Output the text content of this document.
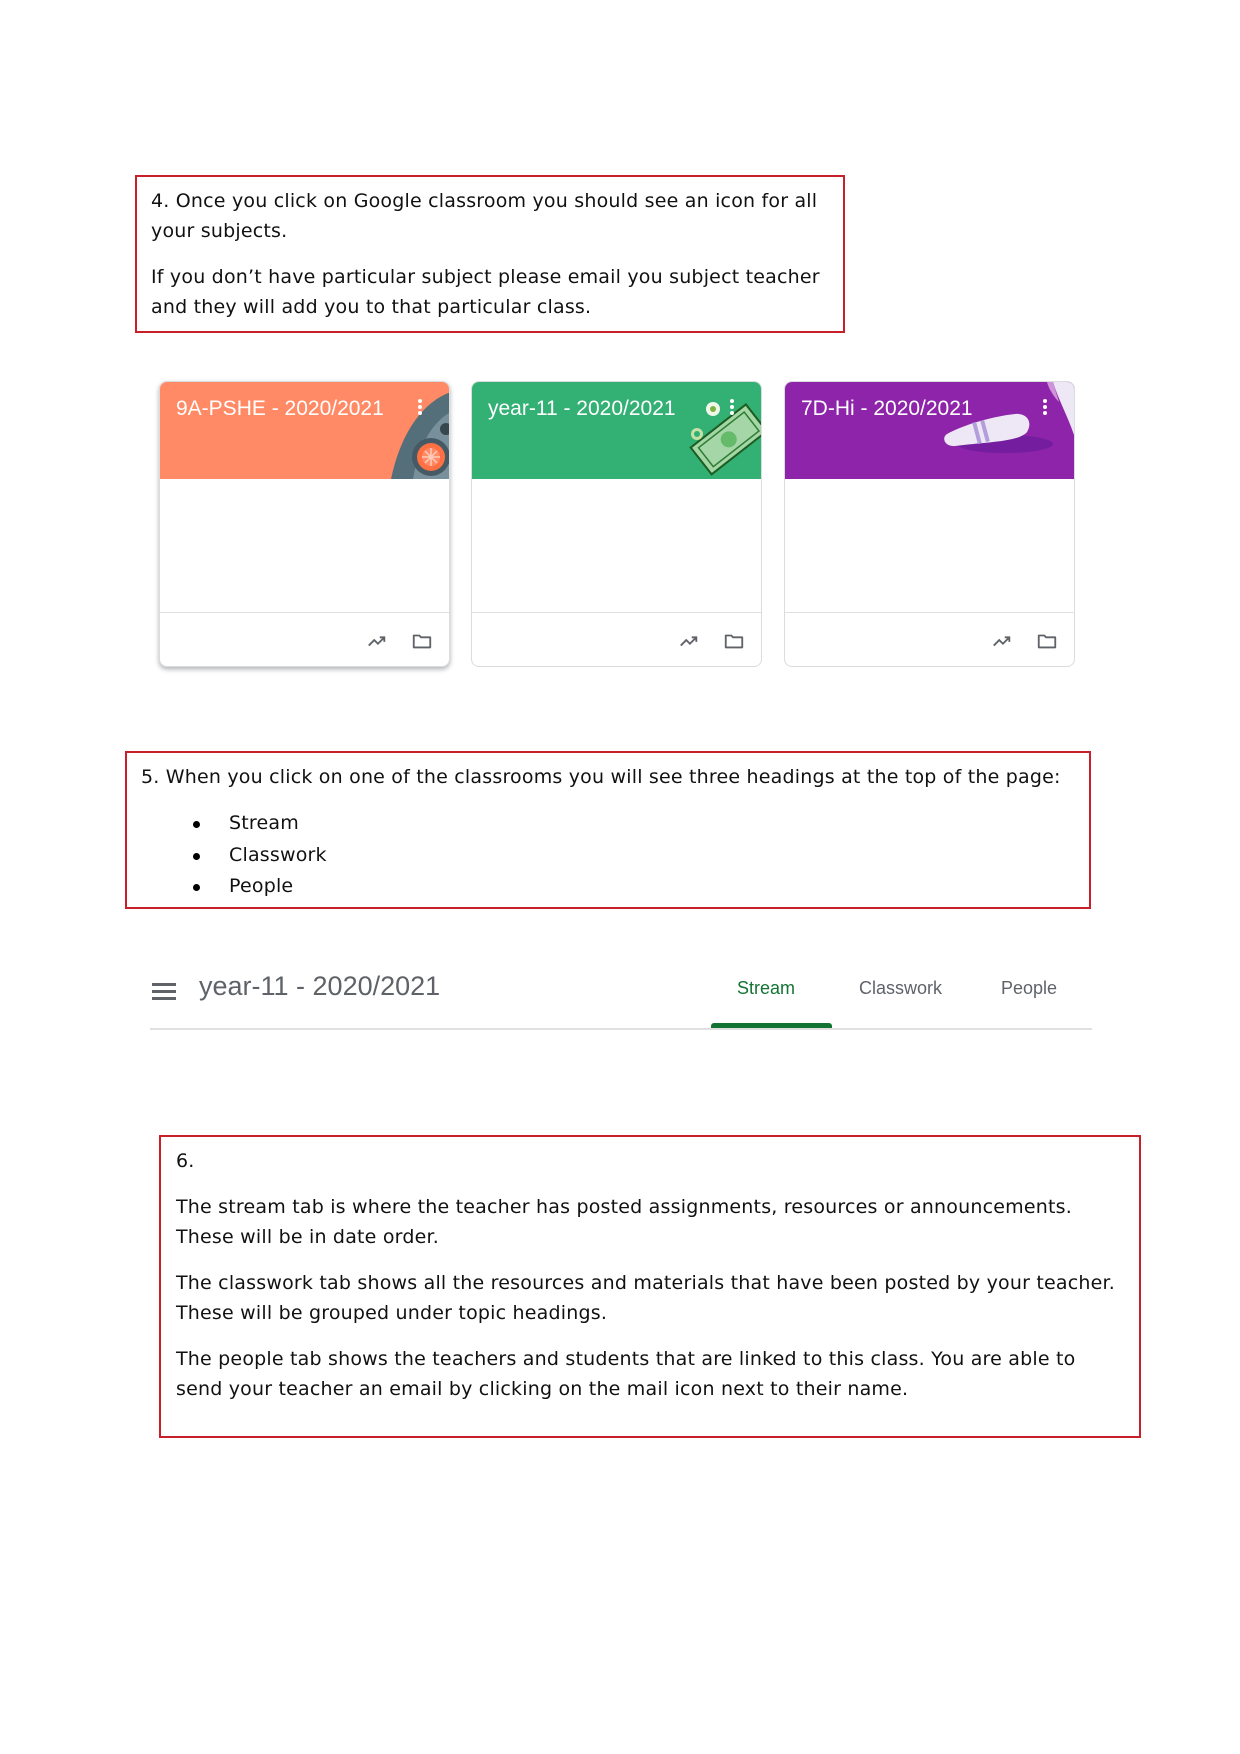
4. Once you click on Google classroom you should see an icon for all your subjects.

If you don’t have particular subject please email you subject teacher and they will add you to that particular class.

9A-PSHE - 2020/2021	year-11 - 2020/2021	7D-Hi - 2020/2021

5. When you click on one of the classrooms you will see three headings at the top of the page:

Stream
Classwork
People
year-11 - 2020/2021	Stream	Classwork	People

6.

The stream tab is where the teacher has posted assignments, resources or announcements. These will be in date order.

The classwork tab shows all the resources and materials that have been posted by your teacher. These will be grouped under topic headings.

The people tab shows the teachers and students that are linked to this class. You are able to send your teacher an email by clicking on the mail icon next to their name.
